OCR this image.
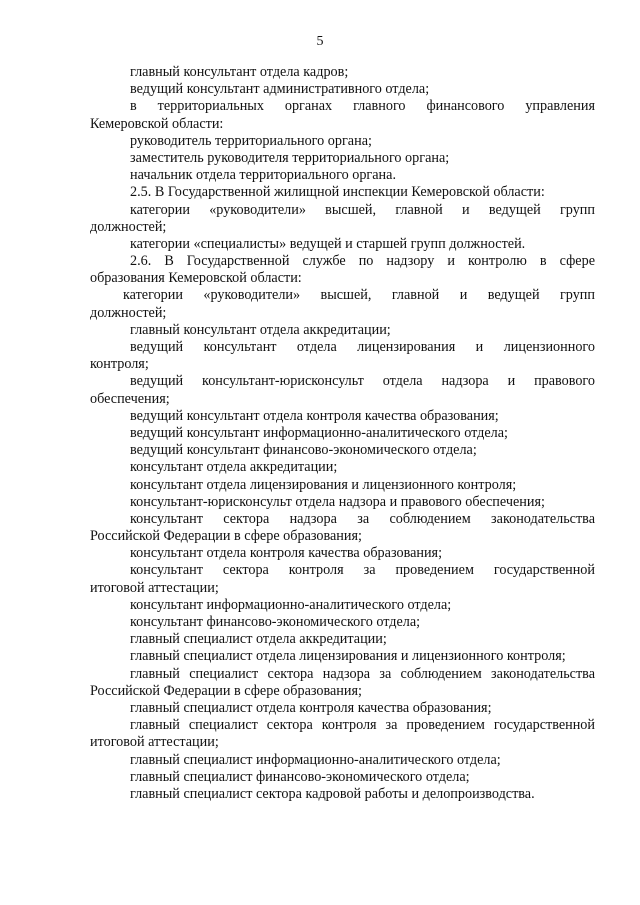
5
главный консультант отдела кадров;
ведущий консультант административного отдела;
в территориальных органах главного финансового управления
Кемеровской области:
руководитель территориального органа;
заместитель руководителя территориального органа;
начальник отдела территориального органа.
2.5. В Государственной жилищной инспекции Кемеровской области:
категории «руководители» высшей, главной и ведущей групп
должностей;
категории «специалисты» ведущей и старшей групп должностей.
2.6. В Государственной службе по надзору и контролю в сфере
образования Кемеровской области:
категории «руководители» высшей, главной и ведущей групп
должностей;
главный консультант отдела аккредитации;
ведущий консультант отдела лицензирования и лицензионного
контроля;
ведущий консультант-юрисконсульт отдела надзора и правового
обеспечения;
ведущий консультант отдела контроля качества образования;
ведущий консультант информационно-аналитического отдела;
ведущий консультант финансово-экономического отдела;
консультант отдела аккредитации;
консультант отдела лицензирования и лицензионного контроля;
консультант-юрисконсульт отдела надзора и правового обеспечения;
консультант сектора надзора за соблюдением законодательства
Российской Федерации в сфере образования;
консультант отдела контроля качества образования;
консультант сектора контроля за проведением государственной
итоговой аттестации;
консультант информационно-аналитического отдела;
консультант финансово-экономического отдела;
главный специалист отдела аккредитации;
главный специалист отдела лицензирования и лицензионного контроля;
главный специалист сектора надзора за соблюдением законодательства
Российской Федерации в сфере образования;
главный специалист отдела контроля качества образования;
главный специалист сектора контроля за проведением государственной
итоговой аттестации;
главный специалист информационно-аналитического отдела;
главный специалист финансово-экономического отдела;
главный специалист сектора кадровой работы и делопроизводства.
